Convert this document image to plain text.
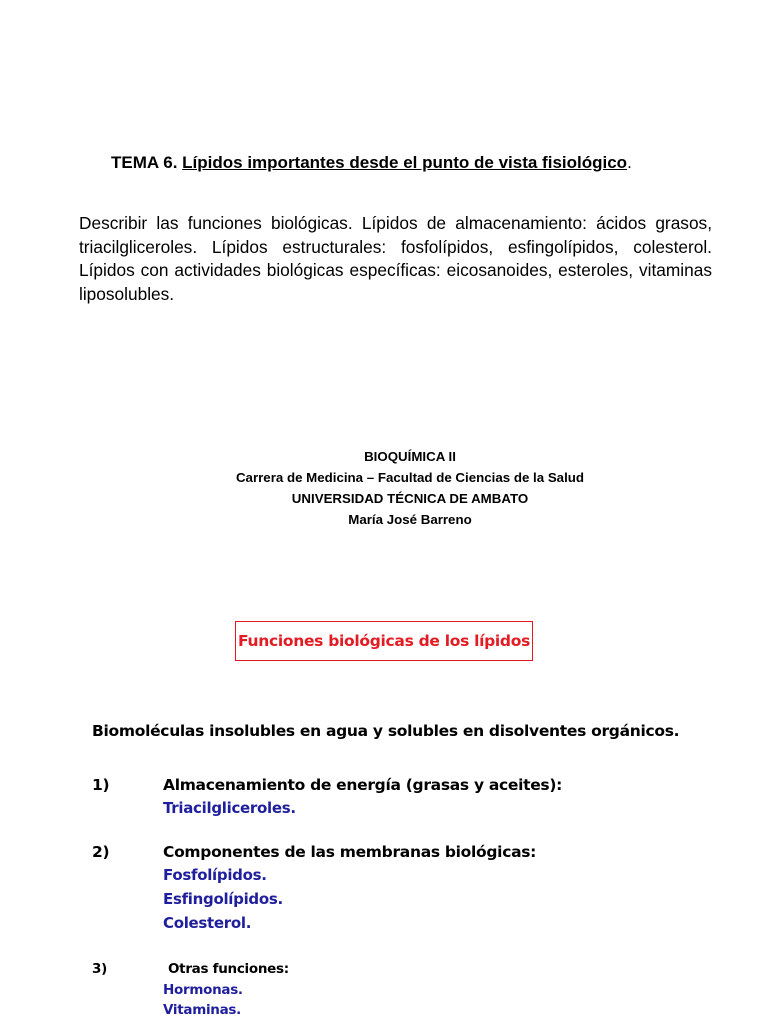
TEMA 6. Lípidos importantes desde el punto de vista fisiológico.
Describir las funciones biológicas. Lípidos de almacenamiento: ácidos grasos, triacilgliceroles. Lípidos estructurales: fosfolípidos, esfingolípidos, colesterol. Lípidos con actividades biológicas específicas: eicosanoides, esteroles, vitaminas liposolubles.
BIOQUÍMICA II
Carrera de Medicina – Facultad de Ciencias de la Salud
UNIVERSIDAD TÉCNICA DE AMBATO
María José Barreno
Funciones biológicas de los lípidos
Biomoléculas insolubles en agua y solubles en disolventes orgánicos.
1)	Almacenamiento de energía (grasas y aceites):
Triacilgliceroles.
2)	Componentes de las membranas biológicas:
Fosfolípidos.
Esfingolípidos.
Colesterol.
3)	Otras funciones:
Hormonas.
Vitaminas.
